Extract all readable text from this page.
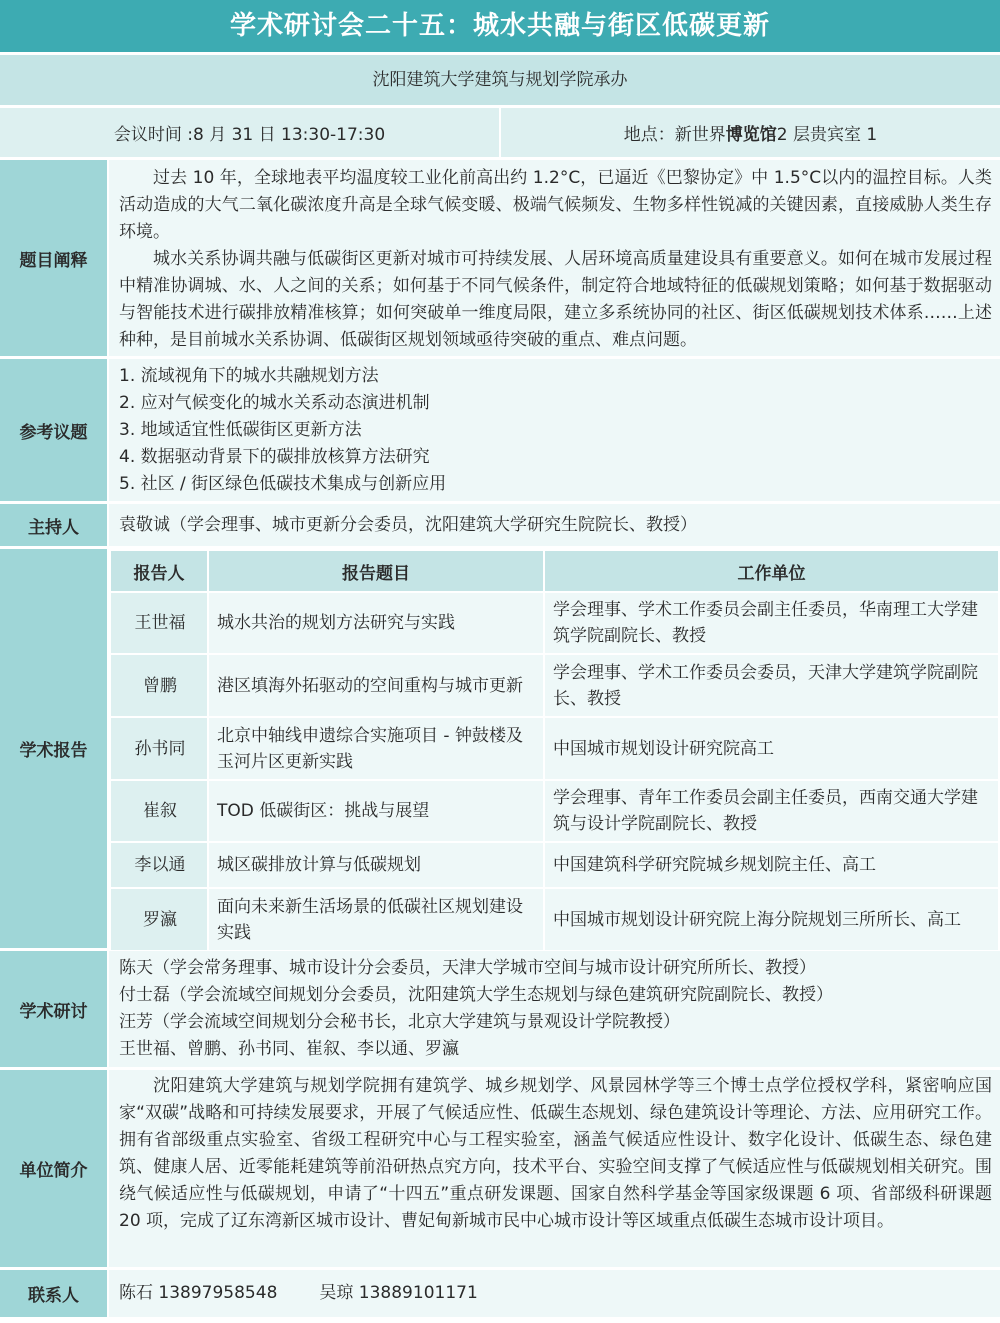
学术研讨会二十五：城水共融与街区低碳更新
沈阳建筑大学建筑与规划学院承办
会议时间 :8 月 31 日 13:30-17:30	地点：新世界 博览馆 2 层贵宾室 1
题目阐释

过去 10 年，全球地表平均温度较工业化前高出约 1.2°C，已逼近《巴黎协定》中 1.5°C以内的温控目标。人类活动造成的大气二氧化碳浓度升高是全球气候变暖、极端气候频发、生物多样性锐减的关键因素，直接威胁人类生存环境。

城水关系协调共融与低碳街区更新对城市可持续发展、人居环境高质量建设具有重要意义。如何在城市发展过程中精准协调城、水、人之间的关系；如何基于不同气候条件，制定符合地域特征的低碳规划策略；如何基于数据驱动与智能技术进行碳排放精准核算；如何突破单一维度局限，建立多系统协同的社区、街区低碳规划技术体系……上述种种，是目前城水关系协调、低碳街区规划领域亟待突破的重点、难点问题。

参考议题
1. 流域视角下的城水共融规划方法
2. 应对气候变化的城水关系动态演进机制
3. 地域适宜性低碳街区更新方法
4. 数据驱动背景下的碳排放核算方法研究
5. 社区 / 街区绿色低碳技术集成与创新应用
主持人	袁敬诚（学会理事、城市更新分会委员，沈阳建筑大学研究生院院长、教授）
学术报告
报告人	报告题目	工作单位
王世福	城水共治的规划方法研究与实践	学会理事、学术工作委员会副主任委员，华南理工大学建筑学院副院长、教授
曾鹏	港区填海外拓驱动的空间重构与城市更新	学会理事、学术工作委员会委员，天津大学建筑学院副院长、教授
孙书同	北京中轴线申遗综合实施项目 - 钟鼓楼及玉河片区更新实践	中国城市规划设计研究院高工
崔叙	TOD 低碳街区：挑战与展望	学会理事、青年工作委员会副主任委员，西南交通大学建筑与设计学院副院长、教授
李以通	城区碳排放计算与低碳规划	中国建筑科学研究院城乡规划院主任、高工
罗瀛	面向未来新生活场景的低碳社区规划建设实践	中国城市规划设计研究院上海分院规划三所所长、高工
学术研讨
陈天（学会常务理事、城市设计分会委员，天津大学城市空间与城市设计研究所所长、教授）
付士磊（学会流域空间规划分会委员，沈阳建筑大学生态规划与绿色建筑研究院副院长、教授）
汪芳（学会流域空间规划分会秘书长，北京大学建筑与景观设计学院教授）
王世福、曾鹏、孙书同、崔叙、李以通、罗瀛
单位简介

沈阳建筑大学建筑与规划学院拥有建筑学、城乡规划学、风景园林学等三个博士点学位授权学科，紧密响应国家“双碳”战略和可持续发展要求，开展了气候适应性、低碳生态规划、绿色建筑设计等理论、方法、应用研究工作。拥有省部级重点实验室、省级工程研究中心与工程实验室，涵盖气候适应性设计、数字化设计、低碳生态、绿色建筑、健康人居、近零能耗建筑等前沿研热点究方向，技术平台、实验空间支撑了气候适应性与低碳规划相关研究。围绕气候适应性与低碳规划，申请了“十四五”重点研发课题、国家自然科学基金等国家级课题 6 项、省部级科研课题 20 项，完成了辽东湾新区城市设计、曹妃甸新城市民中心城市设计等区域重点低碳生态城市设计项目。

联系人	陈石 13897958548 吴琼 13889101171
